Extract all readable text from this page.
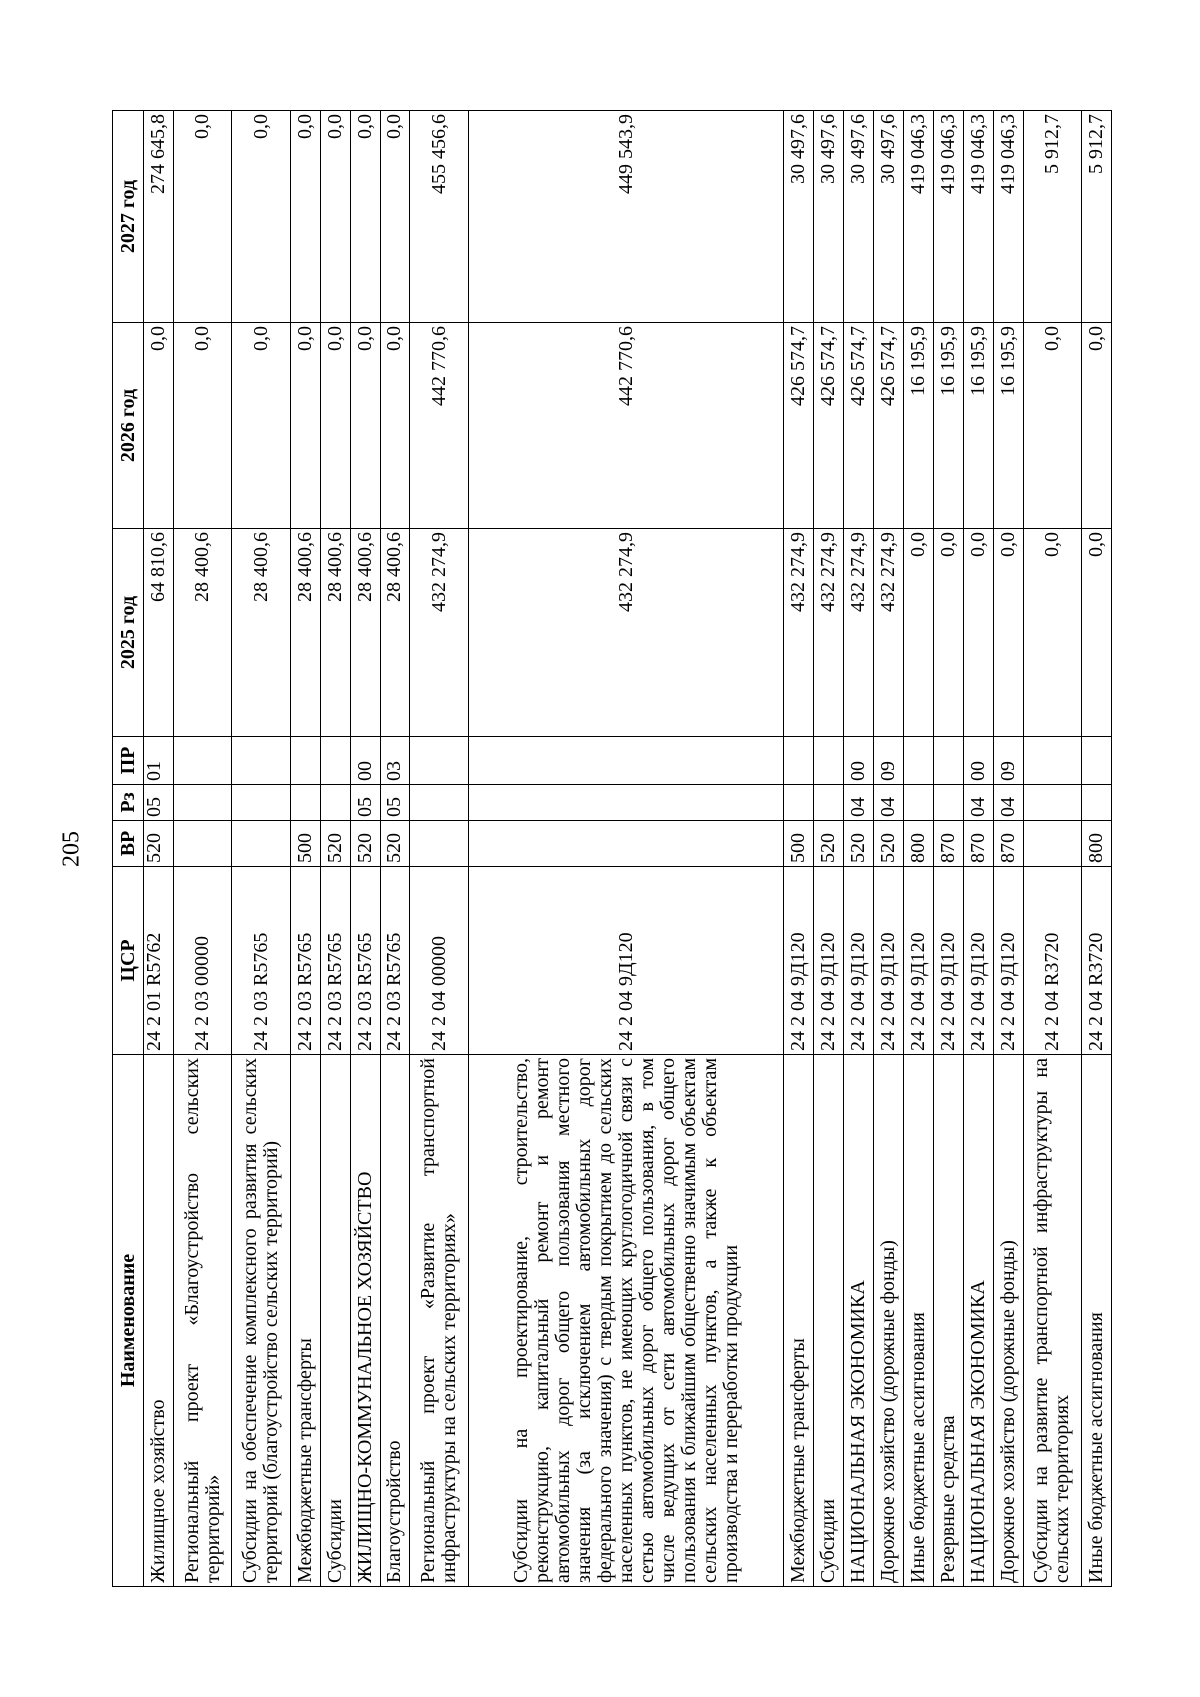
205
Наименование	ЦСР	ВР	Рз	ПР	2025 год	2026 год	2027 год
Жилищное хозяйство	24 2 01 R5762	520	05	01	64 810,6	0,0	274 645,8
Региональный проект «Благоустройство сельских территорий»	24 2 03 00000				28 400,6	0,0	0,0
Субсидии на обеспечение комплексного развития сельских территорий (благоустройство сельских территорий)	24 2 03 R5765				28 400,6	0,0	0,0
Межбюджетные трансферты	24 2 03 R5765	500			28 400,6	0,0	0,0
Субсидии	24 2 03 R5765	520			28 400,6	0,0	0,0
ЖИЛИЩНО-КОММУНАЛЬНОЕ ХОЗЯЙСТВО	24 2 03 R5765	520	05	00	28 400,6	0,0	0,0
Благоустройство	24 2 03 R5765	520	05	03	28 400,6	0,0	0,0
Региональный проект «Развитие транспортной инфраструктуры на сельских территориях»	24 2 04 00000				432 274,9	442 770,6	455 456,6
Субсидии на проектирование, строительство, реконструкцию, капитальный ремонт и ремонт автомобильных дорог общего пользования местного значения (за исключением автомобильных дорог федерального значения) с твердым покрытием до сельских населенных пунктов, не имеющих круглогодичной связи с сетью автомобильных дорог общего пользования, в том числе ведущих от сети автомобильных дорог общего пользования к ближайшим общественно значимым объектам сельских населенных пунктов, а также к объектам производства и переработки продукции	24 2 04 9Д120				432 274,9	442 770,6	449 543,9
Межбюджетные трансферты	24 2 04 9Д120	500			432 274,9	426 574,7	30 497,6
Субсидии	24 2 04 9Д120	520			432 274,9	426 574,7	30 497,6
НАЦИОНАЛЬНАЯ ЭКОНОМИКА	24 2 04 9Д120	520	04	00	432 274,9	426 574,7	30 497,6
Дорожное хозяйство (дорожные фонды)	24 2 04 9Д120	520	04	09	432 274,9	426 574,7	30 497,6
Иные бюджетные ассигнования	24 2 04 9Д120	800			0,0	16 195,9	419 046,3
Резервные средства	24 2 04 9Д120	870			0,0	16 195,9	419 046,3
НАЦИОНАЛЬНАЯ ЭКОНОМИКА	24 2 04 9Д120	870	04	00	0,0	16 195,9	419 046,3
Дорожное хозяйство (дорожные фонды)	24 2 04 9Д120	870	04	09	0,0	16 195,9	419 046,3
Субсидии на развитие транспортной инфраструктуры на сельских территориях	24 2 04 R3720				0,0	0,0	5 912,7
Иные бюджетные ассигнования	24 2 04 R3720	800			0,0	0,0	5 912,7
